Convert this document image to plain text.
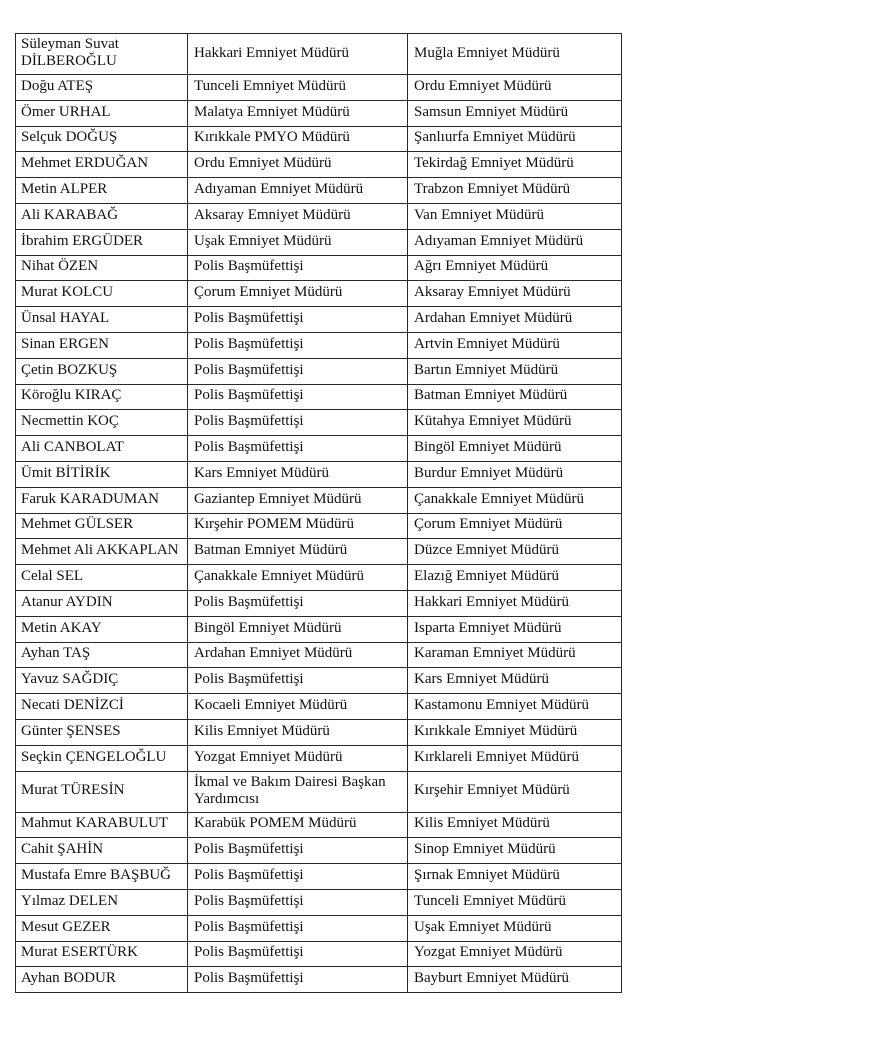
Süleyman Suvat DİLBEROĞLU	Hakkari Emniyet Müdürü	Muğla Emniyet Müdürü
Doğu ATEŞ	Tunceli Emniyet Müdürü	Ordu Emniyet Müdürü
Ömer URHAL	Malatya Emniyet Müdürü	Samsun Emniyet Müdürü
Selçuk DOĞUŞ	Kırıkkale PMYO Müdürü	Şanlıurfa Emniyet Müdürü
Mehmet ERDUĞAN	Ordu Emniyet Müdürü	Tekirdağ Emniyet Müdürü
Metin ALPER	Adıyaman Emniyet Müdürü	Trabzon Emniyet Müdürü
Ali KARABAĞ	Aksaray Emniyet Müdürü	Van Emniyet Müdürü
İbrahim ERGÜDER	Uşak Emniyet Müdürü	Adıyaman Emniyet Müdürü
Nihat ÖZEN	Polis Başmüfettişi	Ağrı Emniyet Müdürü
Murat KOLCU	Çorum Emniyet Müdürü	Aksaray Emniyet Müdürü
Ünsal HAYAL	Polis Başmüfettişi	Ardahan Emniyet Müdürü
Sinan ERGEN	Polis Başmüfettişi	Artvin Emniyet Müdürü
Çetin BOZKUŞ	Polis Başmüfettişi	Bartın Emniyet Müdürü
Köroğlu KIRAÇ	Polis Başmüfettişi	Batman Emniyet Müdürü
Necmettin KOÇ	Polis Başmüfettişi	Kütahya Emniyet Müdürü
Ali CANBOLAT	Polis Başmüfettişi	Bingöl Emniyet Müdürü
Ümit BİTİRİK	Kars Emniyet Müdürü	Burdur Emniyet Müdürü
Faruk KARADUMAN	Gaziantep Emniyet Müdürü	Çanakkale Emniyet Müdürü
Mehmet GÜLSER	Kırşehir POMEM Müdürü	Çorum Emniyet Müdürü
Mehmet Ali AKKAPLAN	Batman Emniyet Müdürü	Düzce Emniyet Müdürü
Celal SEL	Çanakkale Emniyet Müdürü	Elazığ Emniyet Müdürü
Atanur AYDIN	Polis Başmüfettişi	Hakkari Emniyet Müdürü
Metin AKAY	Bingöl Emniyet Müdürü	Isparta Emniyet Müdürü
Ayhan TAŞ	Ardahan Emniyet Müdürü	Karaman Emniyet Müdürü
Yavuz SAĞDIÇ	Polis Başmüfettişi	Kars Emniyet Müdürü
Necati DENİZCİ	Kocaeli Emniyet Müdürü	Kastamonu Emniyet Müdürü
Günter ŞENSES	Kilis Emniyet Müdürü	Kırıkkale Emniyet Müdürü
Seçkin ÇENGELOĞLU	Yozgat Emniyet Müdürü	Kırklareli Emniyet Müdürü
Murat TÜRESİN	İkmal ve Bakım Dairesi Başkan Yardımcısı	Kırşehir Emniyet Müdürü
Mahmut KARABULUT	Karabük POMEM Müdürü	Kilis Emniyet Müdürü
Cahit ŞAHİN	Polis Başmüfettişi	Sinop Emniyet Müdürü
Mustafa Emre BAŞBUĞ	Polis Başmüfettişi	Şırnak Emniyet Müdürü
Yılmaz DELEN	Polis Başmüfettişi	Tunceli Emniyet Müdürü
Mesut GEZER	Polis Başmüfettişi	Uşak Emniyet Müdürü
Murat ESERTÜRK	Polis Başmüfettişi	Yozgat Emniyet Müdürü
Ayhan BODUR	Polis Başmüfettişi	Bayburt Emniyet Müdürü
